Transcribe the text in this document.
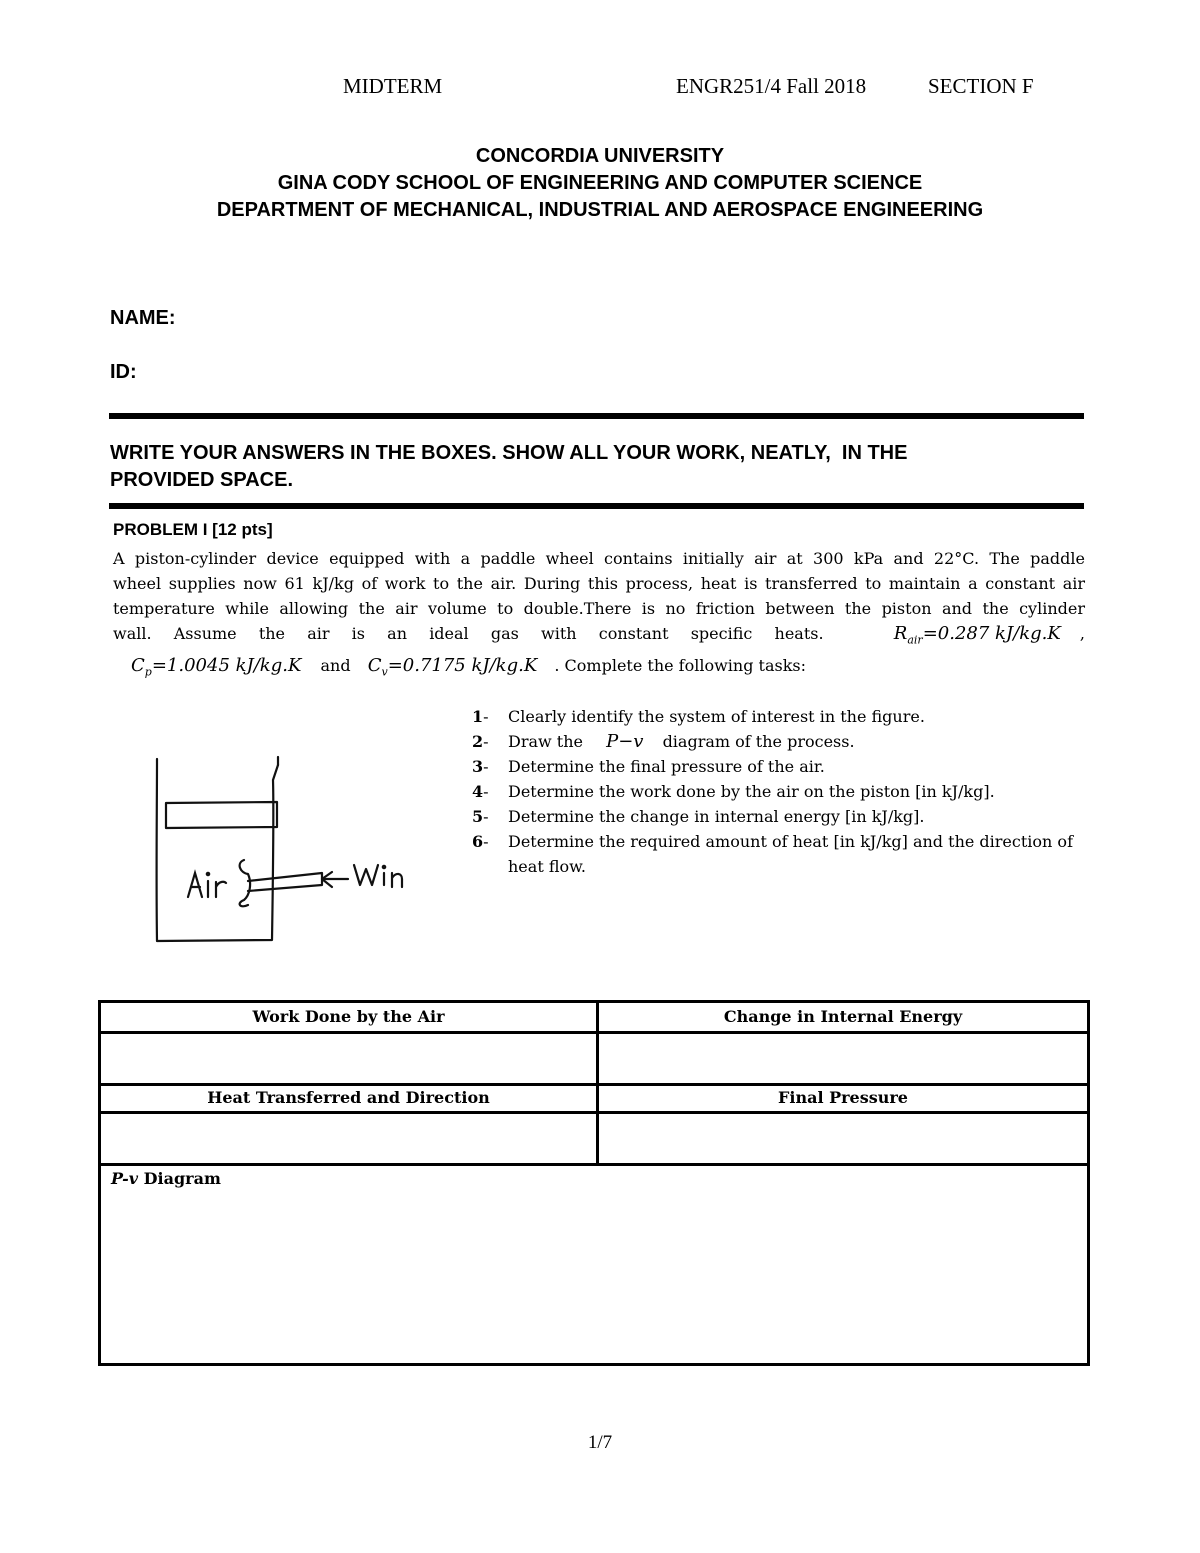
MIDTERM	ENGR251/4 Fall 2018	SECTION F
CONCORDIA UNIVERSITY
GINA CODY SCHOOL OF ENGINEERING AND COMPUTER SCIENCE
DEPARTMENT OF MECHANICAL, INDUSTRIAL AND AEROSPACE ENGINEERING
NAME:
ID:
WRITE YOUR ANSWERS IN THE BOXES. SHOW ALL YOUR WORK, NEATLY,  IN THE
PROVIDED SPACE.
PROBLEM I [12 pts]
A piston-cylinder device equipped with a paddle wheel contains initially air at 300 kPa and 22°C. The paddle
wheel supplies now 61 kJ/kg of work to the air. During this process, heat is transferred to maintain a constant air
temperature while allowing the air volume to double.There is no friction between the piston and the cylinder
wall.  Assume  the  air  is  an  ideal  gas  with  constant  specific  heats.	$R_{air}=0.287$ kJ/kg.K ,
$C_p=1.0045$ kJ/kg.K and $C_v=0.7175$ kJ/kg.K . Complete the following tasks:
Air
1-	Clearly identify the system of interest in the figure.
2-	Draw the P−v diagram of the process.
3-	Determine the final pressure of the air.
4-	Determine the work done by the air on the piston [in kJ/kg].
5-	Determine the change in internal energy [in kJ/kg].
6-	Determine the required amount of heat [in kJ/kg] and the direction of heat flow.
Work Done by the Air	Change in Internal Energy
Heat Transferred and Direction	Final Pressure
P-v Diagram
1/7
